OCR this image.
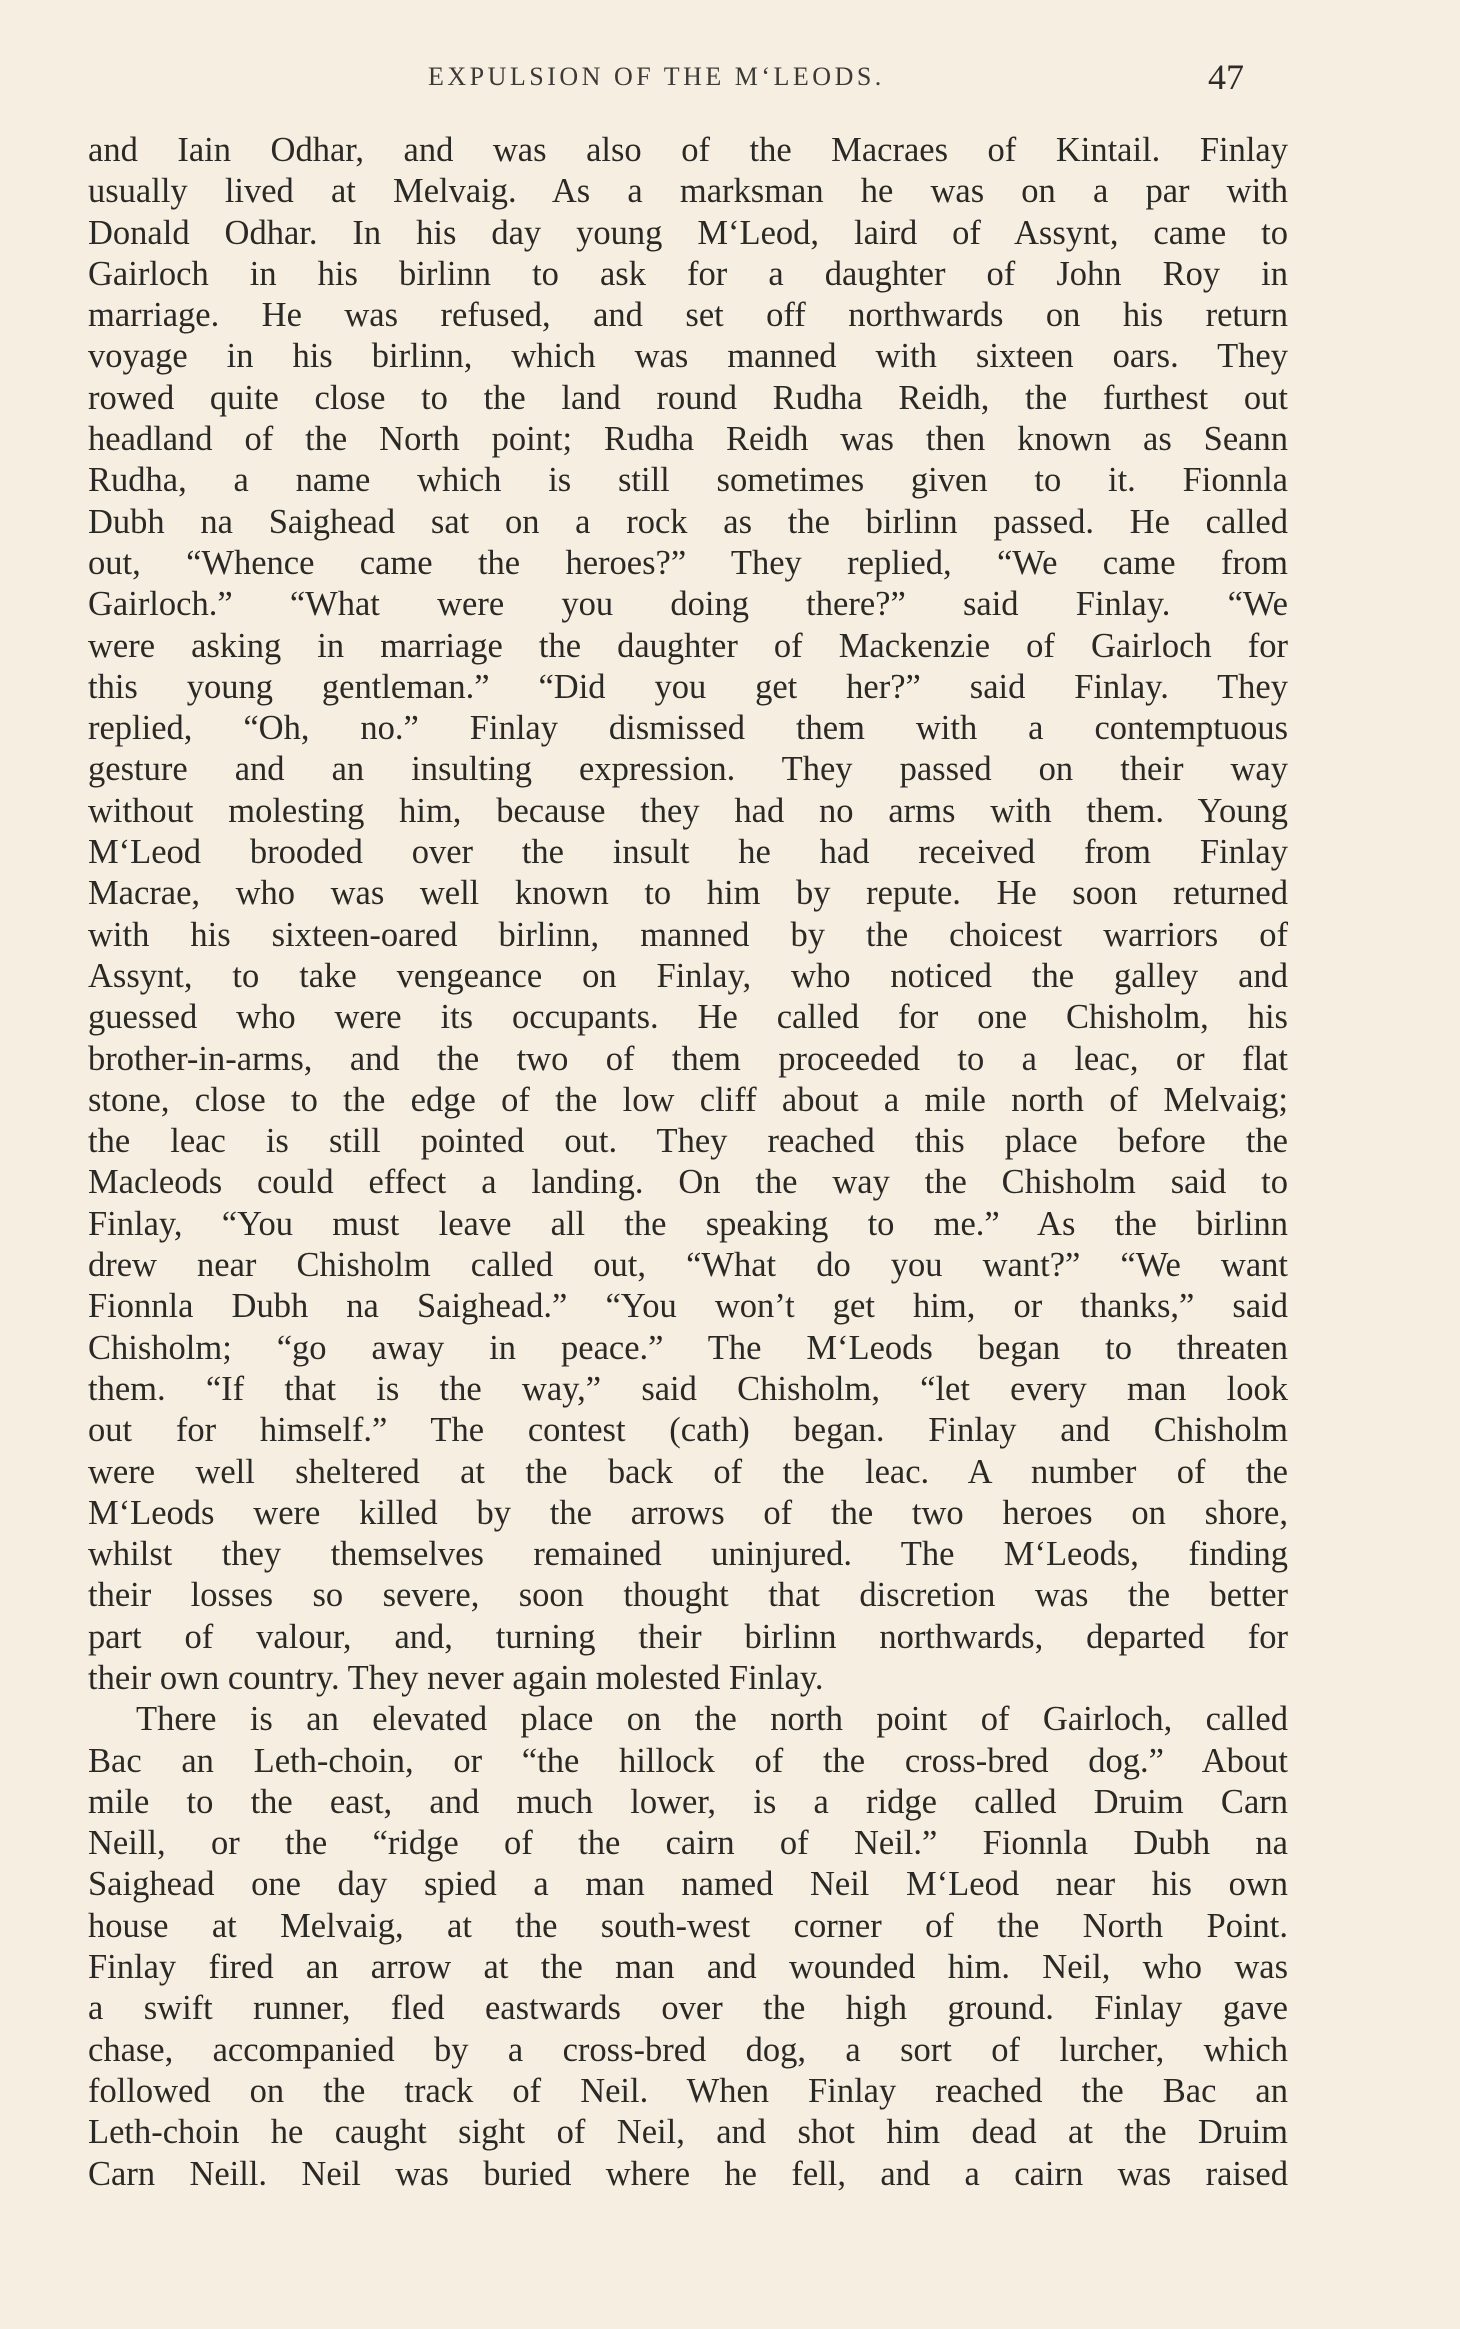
EXPULSION OF THE M‘LEODS.	47
and Iain Odhar, and was also of the Macraes of Kintail. Finlay
usually lived at Melvaig. As a marksman he was on a par with
Donald Odhar. In his day young M‘Leod, laird of Assynt, came to
Gairloch in his birlinn to ask for a daughter of John Roy in
marriage. He was refused, and set off northwards on his return
voyage in his birlinn, which was manned with sixteen oars. They
rowed quite close to the land round Rudha Reidh, the furthest out
headland of the North point; Rudha Reidh was then known as Seann
Rudha, a name which is still sometimes given to it. Fionnla
Dubh na Saighead sat on a rock as the birlinn passed. He called
out, “Whence came the heroes?” They replied, “We came from
Gairloch.” “What were you doing there?” said Finlay. “We
were asking in marriage the daughter of Mackenzie of Gairloch for
this young gentleman.” “Did you get her?” said Finlay. They
replied, “Oh, no.” Finlay dismissed them with a contemptuous
gesture and an insulting expression. They passed on their way
without molesting him, because they had no arms with them. Young
M‘Leod brooded over the insult he had received from Finlay
Macrae, who was well known to him by repute. He soon returned
with his sixteen-oared birlinn, manned by the choicest warriors of
Assynt, to take vengeance on Finlay, who noticed the galley and
guessed who were its occupants. He called for one Chisholm, his
brother-in-arms, and the two of them proceeded to a leac, or flat
stone, close to the edge of the low cliff about a mile north of Melvaig;
the leac is still pointed out. They reached this place before the
Macleods could effect a landing. On the way the Chisholm said to
Finlay, “You must leave all the speaking to me.” As the birlinn
drew near Chisholm called out, “What do you want?” “We want
Fionnla Dubh na Saighead.” “You won’t get him, or thanks,” said
Chisholm; “go away in peace.” The M‘Leods began to threaten
them. “If that is the way,” said Chisholm, “let every man look
out for himself.” The contest (cath) began. Finlay and Chisholm
were well sheltered at the back of the leac. A number of the
M‘Leods were killed by the arrows of the two heroes on shore,
whilst they themselves remained uninjured. The M‘Leods, finding
their losses so severe, soon thought that discretion was the better
part of valour, and, turning their birlinn northwards, departed for
their own country. They never again molested Finlay.
There is an elevated place on the north point of Gairloch, called
Bac an Leth-choin, or “the hillock of the cross-bred dog.” About
mile to the east, and much lower, is a ridge called Druim Carn
Neill, or the “ridge of the cairn of Neil.” Fionnla Dubh na
Saighead one day spied a man named Neil M‘Leod near his own
house at Melvaig, at the south-west corner of the North Point.
Finlay fired an arrow at the man and wounded him. Neil, who was
a swift runner, fled eastwards over the high ground. Finlay gave
chase, accompanied by a cross-bred dog, a sort of lurcher, which
followed on the track of Neil. When Finlay reached the Bac an
Leth-choin he caught sight of Neil, and shot him dead at the Druim
Carn Neill. Neil was buried where he fell, and a cairn was raised
